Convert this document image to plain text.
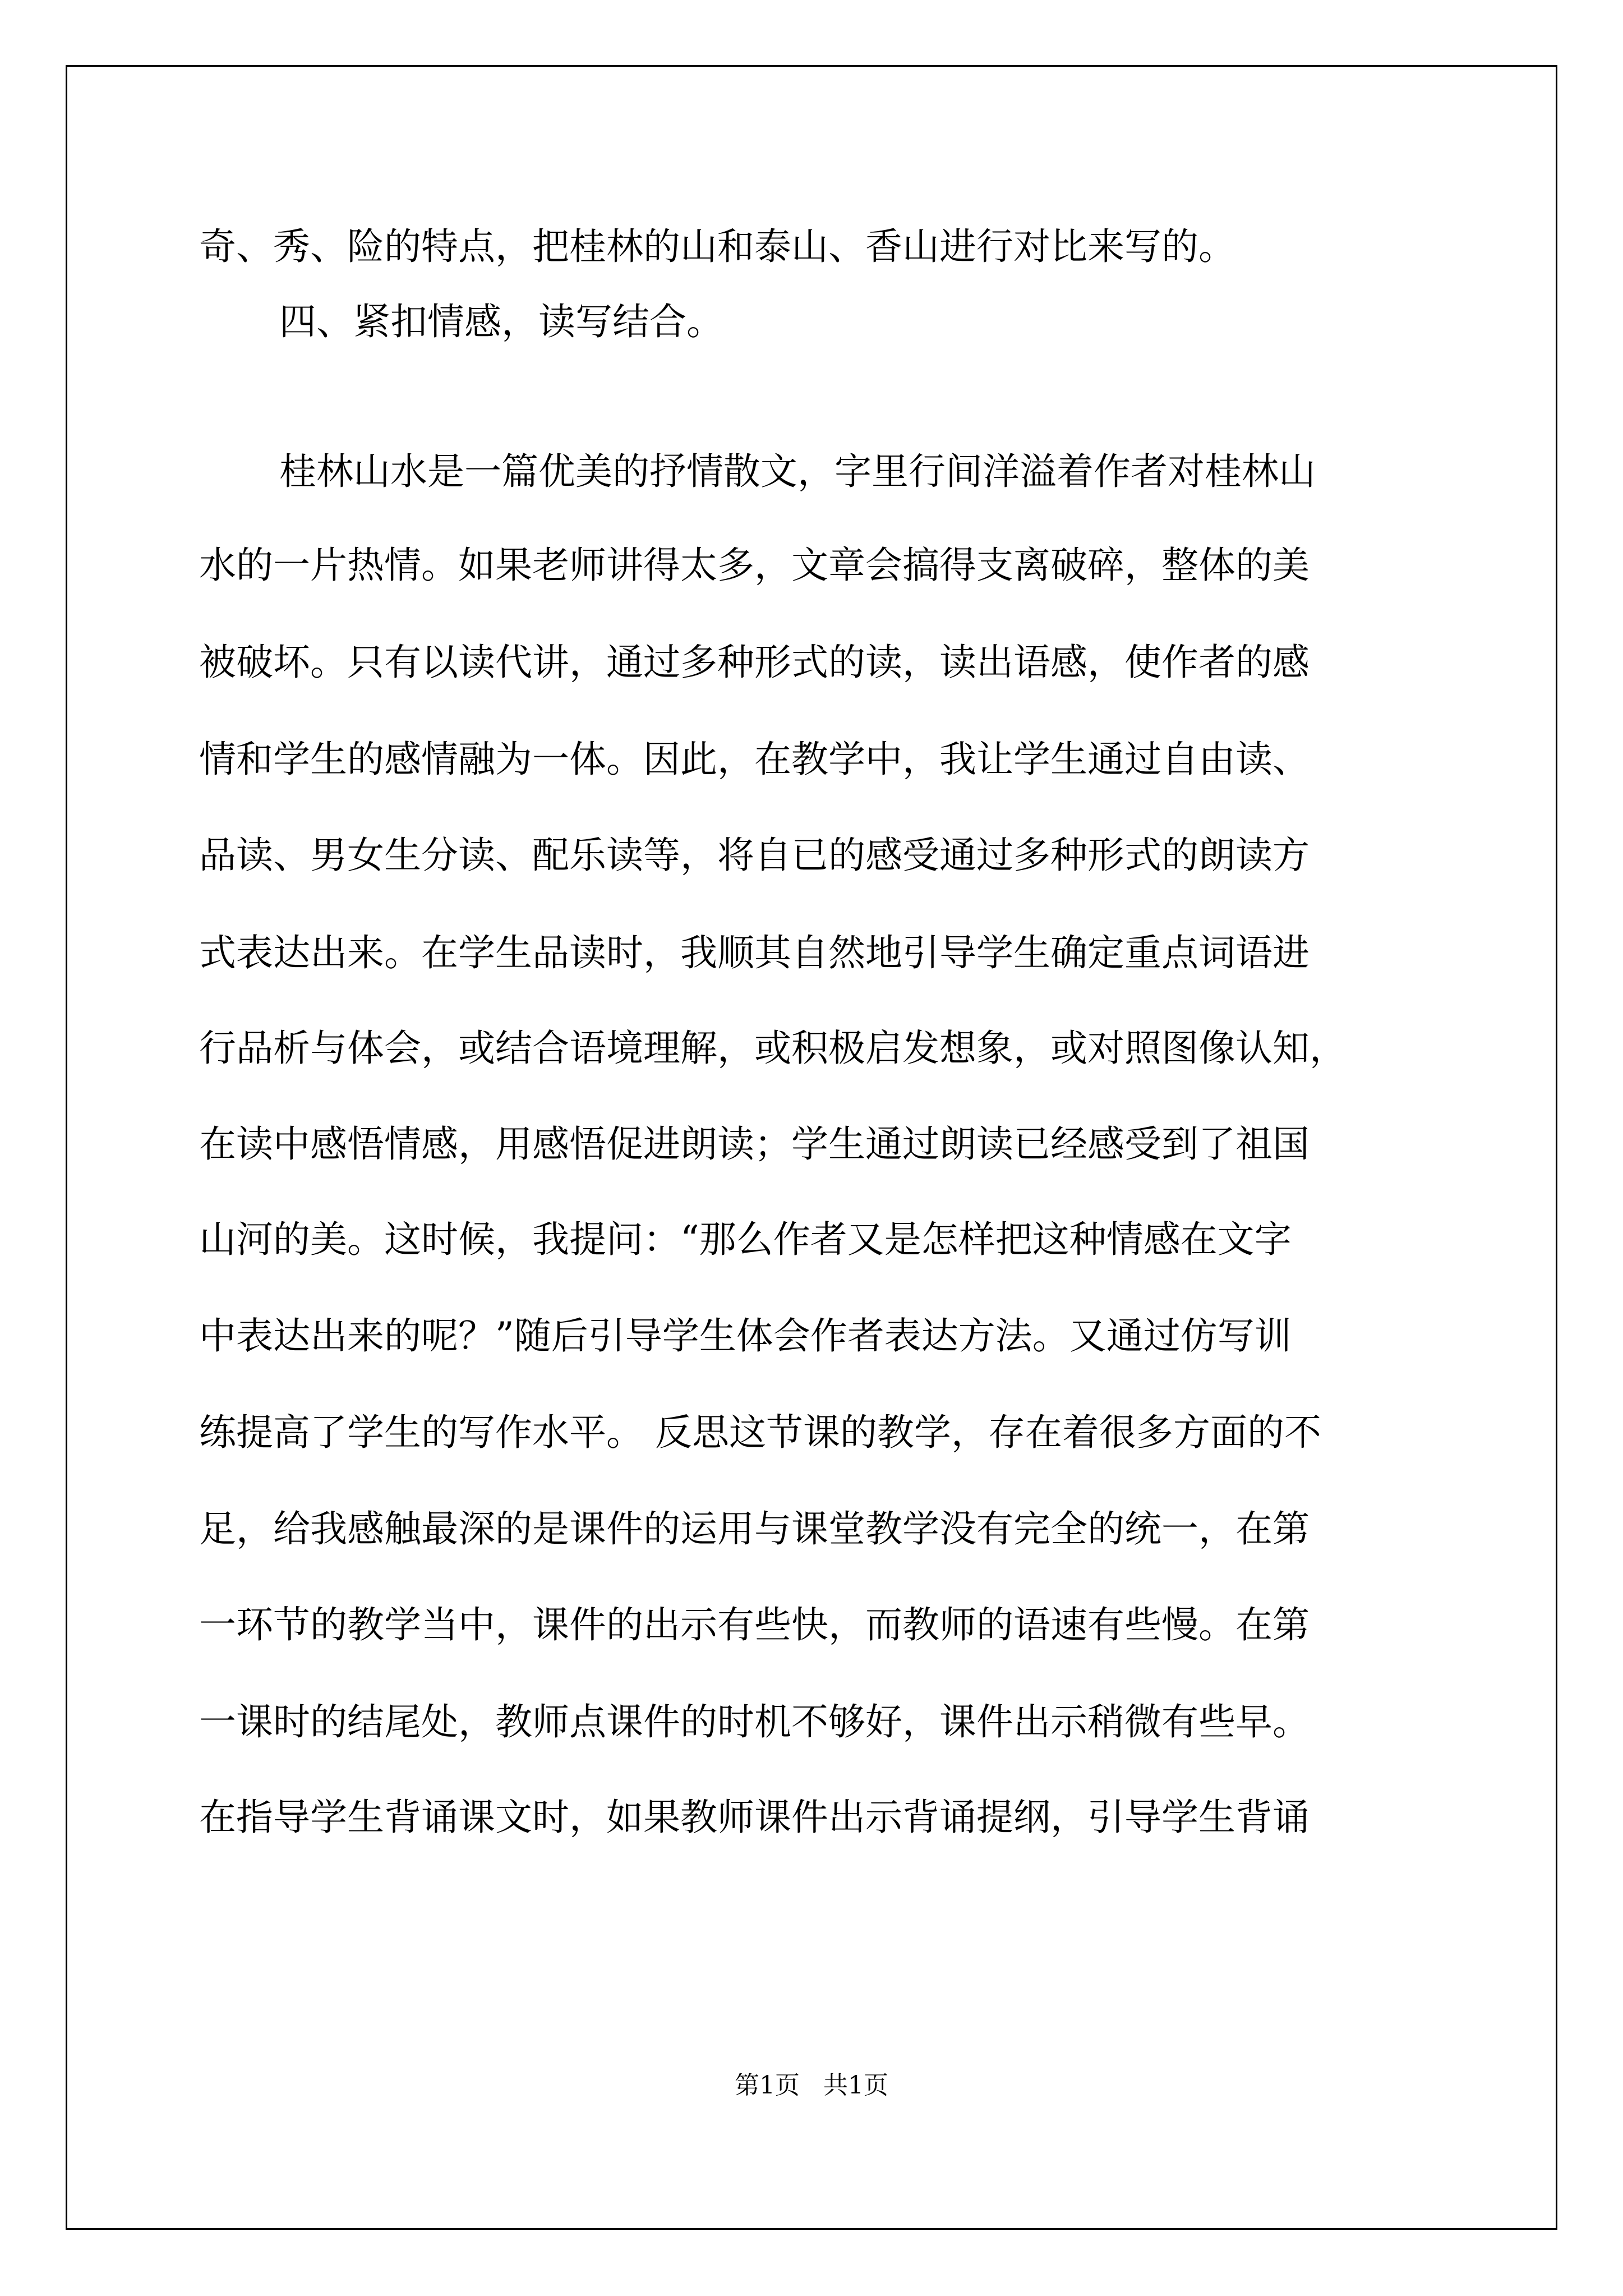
奇、秀、险的特点，把桂林的山和泰山、香山进行对比来写的。
四、紧扣情感，读写结合。
桂林山水是一篇优美的抒情散文，字里行间洋溢着作者对桂林山
水的一片热情。如果老师讲得太多，文章会搞得支离破碎，整体的美
被破坏。只有以读代讲，通过多种形式的读，读出语感，使作者的感
情和学生的感情融为一体。因此，在教学中，我让学生通过自由读、
品读、男女生分读、配乐读等，将自已的感受通过多种形式的朗读方
式表达出来。在学生品读时，我顺其自然地引导学生确定重点词语进
行品析与体会，或结合语境理解，或积极启发想象，或对照图像认知，
在读中感悟情感，用感悟促进朗读；学生通过朗读已经感受到了祖国
山河的美。这时候，我提问：“那么作者又是怎样把这种情感在文字
中表达出来的呢？”随后引导学生体会作者表达方法。又通过仿写训
练提高了学生的写作水平。 反思这节课的教学，存在着很多方面的不
足，给我感触最深的是课件的运用与课堂教学没有完全的统一，在第
一环节的教学当中，课件的出示有些快，而教师的语速有些慢。在第
一课时的结尾处，教师点课件的时机不够好，课件出示稍微有些早。
在指导学生背诵课文时，如果教师课件出示背诵提纲，引导学生背诵
第1页   共1页
